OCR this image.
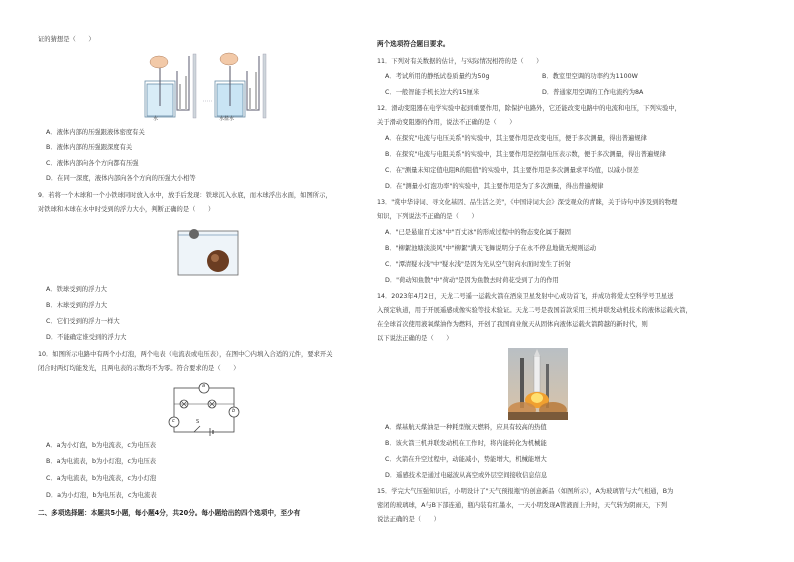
证的猜想是（　　）
水	水盐水
A．液体内部的压强跟液体密度有关
B．液体内部的压强跟深度有关
C．液体内部向各个方向都有压强
D．在同一深度，液体内部向各个方向的压强大小相等
9．若将一个木球和一个小铁球同时放入水中，放手后发现：铁球沉入水底，而木球浮出水面，如图所示，
对铁球和木球在水中时受到的浮力大小，判断正确的是（　　）
A．铁球受到的浮力大
B．木球受到的浮力大
C．它们受到的浮力一样大
D．不能确定谁受到的浮力大
10．如图所示电路中有两个小灯泡，两个电表（电流表或电压表），在图中〇内填入合适的元件，要求开关
闭合时两灯均能发光，且两电表的示数均不为零。符合要求的是（　　）
a
b
c	S
A．a为小灯泡，b为电流表，c为电压表
B．a为电流表，b为小灯泡，c为电压表
C．a为电流表，b为电流表，c为小灯泡
D．a为小灯泡，b为电压表，c为电流表
二、多项选择题：本题共5小题，每小题4分，共20分。每小题给出的四个选项中，至少有
两个选项符合题目要求。
11．下列对有关数据的估计，与实际情况相符的是（　　）
A．考试所用的静纸试卷质量约为50g	B．教室里空调的功率约为1100W
C．一般智能手机长边大约15厘米	D．普通家用空调的工作电流约为8A
12．滑动变阻器在电学实验中起到重要作用，除保护电路外，它还能改变电路中的电流和电压，下列实验中，
关于滑动变阻器的作用，说法不正确的是（　　）
A．在探究"电流与电压关系"的实验中，其主要作用是改变电压，便于多次测量，得出普遍规律
B．在探究"电流与电阻关系"的实验中，其主要作用是控制电压表示数，便于多次测量，得出普遍规律
C．在"测量未知定值电阻R的阻值"的实验中，其主要作用是多次测量求平均值，以减小误差
D．在"测量小灯泡功率"的实验中，其主要作用是为了多次测量，得出普遍规律
13．"赏中华诗词、寻文化基因、品生活之美"，《中国诗词大会》深受观众的青睐，关于诗句中涉及到的物理
知识，下列说法不正确的是（　　）
A．"已是悬崖百丈冰"中"百丈冰"的形成过程中的物态变化属于凝固
B．"柳絮池塘淡淡风"中"柳絮"满天飞舞说明分子在永不停息地做无规则运动
C．"潭清疑水浅"中"疑水浅"是因为光从空气射向水面时发生了折射
D．"荷动知鱼散"中"荷动"是因为鱼散去时荷花受到了力的作用
14．2023年4月2日，天龙二号遥一运载火箭在酒泉卫星发射中心成功首飞，并成功将爱太空科学号卫星送
入预定轨道，用于开展遥感成像实验等技术验证。天龙二号是我国首款采用三机并联发动机技术的液体运载火箭，
在全球首次使用液氧煤油作为燃料，开创了我国商业航天从固体向液体运载火箭跨越的新时代，则
以下说法正确的是（　　）
A．煤基航天煤油是一种耗型航天燃料，应具有较高的热值
B．该火箭三机并联发动机在工作时，将内能转化为机械能
C．火箭在升空过程中，动能减小，势能增大，机械能增大
D．遥感技术是通过电磁波从高空或外层空间接收信息信息
15．学完大气压强知识后，小明设计了"天气预报瓶"的创意新品（如图所示），A为玻璃管与大气相通，B为
密闭的玻璃球，A与B下部连通，瓶内装有红墨水，一天小明发现A管液面上升时，天气转为阴雨天，下列
说法正确的是（　　）
